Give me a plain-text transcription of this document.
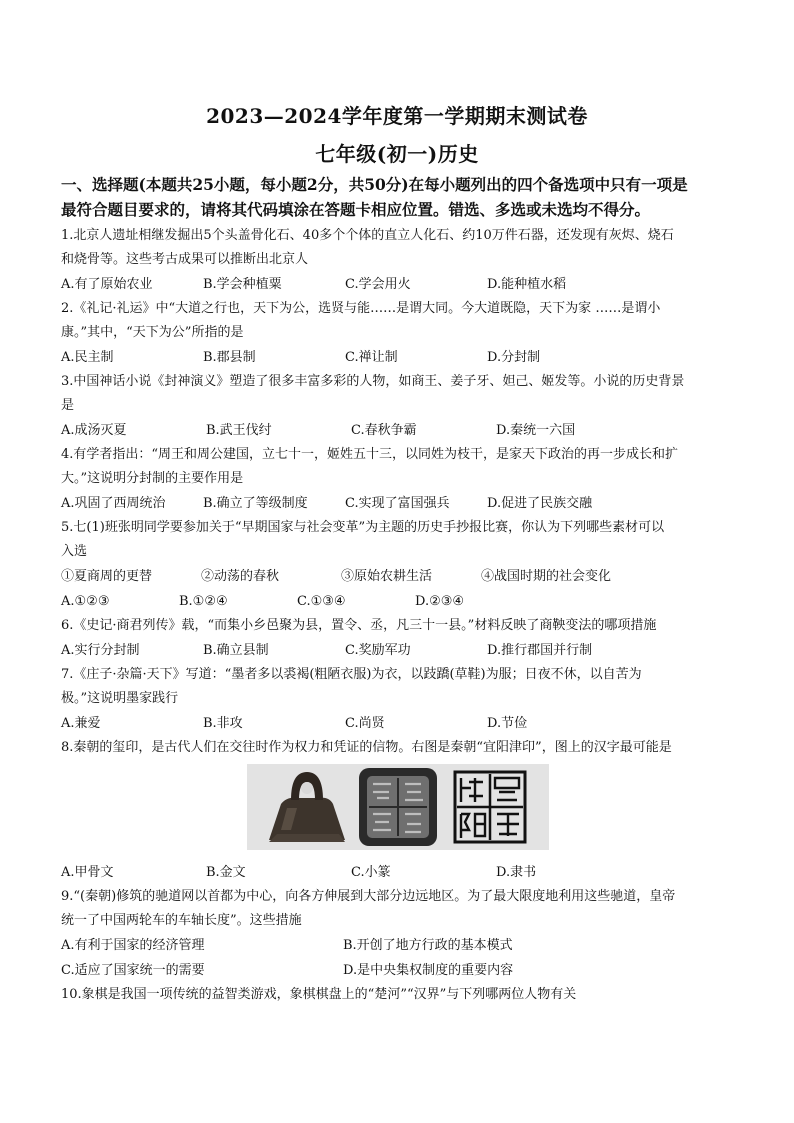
2023—2024学年度第一学期期末测试卷
七年级(初一)历史
一、选择题(本题共25小题，每小题2分，共50分)在每小题列出的四个备选项中只有一项是
最符合题目要求的，请将其代码填涂在答题卡相应位置。错选、多选或未选均不得分。
1.北京人遗址相继发掘出5个头盖骨化石、40多个个体的直立人化石、约10万件石器，还发现有灰烬、烧石
和烧骨等。这些考古成果可以推断出北京人
A.有了原始农业	B.学会种植粟	C.学会用火	D.能种植水稻
2.《礼记·礼运》中“大道之行也，天下为公，选贤与能……是谓大同。今大道既隐，天下为家 ……是谓小
康。”其中，“天下为公”所指的是
A.民主制	B.郡县制	C.禅让制	D.分封制
3.中国神话小说《封神演义》塑造了很多丰富多彩的人物，如商王、姜子牙、妲己、姬发等。小说的历史背景
是
A.成汤灭夏	B.武王伐纣	C.春秋争霸	D.秦统一六国
4.有学者指出：“周王和周公建国，立七十一，姬姓五十三，以同姓为枝干，是家天下政治的再一步成长和扩
大。”这说明分封制的主要作用是
A.巩固了西周统治	B.确立了等级制度	C.实现了富国强兵	D.促进了民族交融
5.七(1)班张明同学要参加关于“早期国家与社会变革”为主题的历史手抄报比赛，你认为下列哪些素材可以
入选
①夏商周的更替	②动荡的春秋	③原始农耕生活	④战国时期的社会变化
A.①②③	B.①②④	C.①③④	D.②③④
6.《史记·商君列传》载，“而集小乡邑聚为县，置令、丞，凡三十一县。”材料反映了商鞅变法的哪项措施
A.实行分封制	B.确立县制	C.奖励军功	D.推行郡国并行制
7.《庄子·杂篇·天下》写道：“墨者多以裘褐(粗陋衣服)为衣，以跂蹻(草鞋)为服；日夜不休，以自苦为
极。”这说明墨家践行
A.兼爱	B.非攻	C.尚贤	D.节俭
8.秦朝的玺印，是古代人们在交往时作为权力和凭证的信物。右图是秦朝“宜阳津印”，图上的汉字最可能是
A.甲骨文	B.金文	C.小篆	D.隶书
9.“(秦朝)修筑的驰道网以首都为中心，向各方伸展到大部分边远地区。为了最大限度地利用这些驰道，皇帝
统一了中国两轮车的车轴长度”。这些措施
A.有利于国家的经济管理	B.开创了地方行政的基本模式
C.适应了国家统一的需要	D.是中央集权制度的重要内容
10.象棋是我国一项传统的益智类游戏，象棋棋盘上的“楚河”“汉界”与下列哪两位人物有关
